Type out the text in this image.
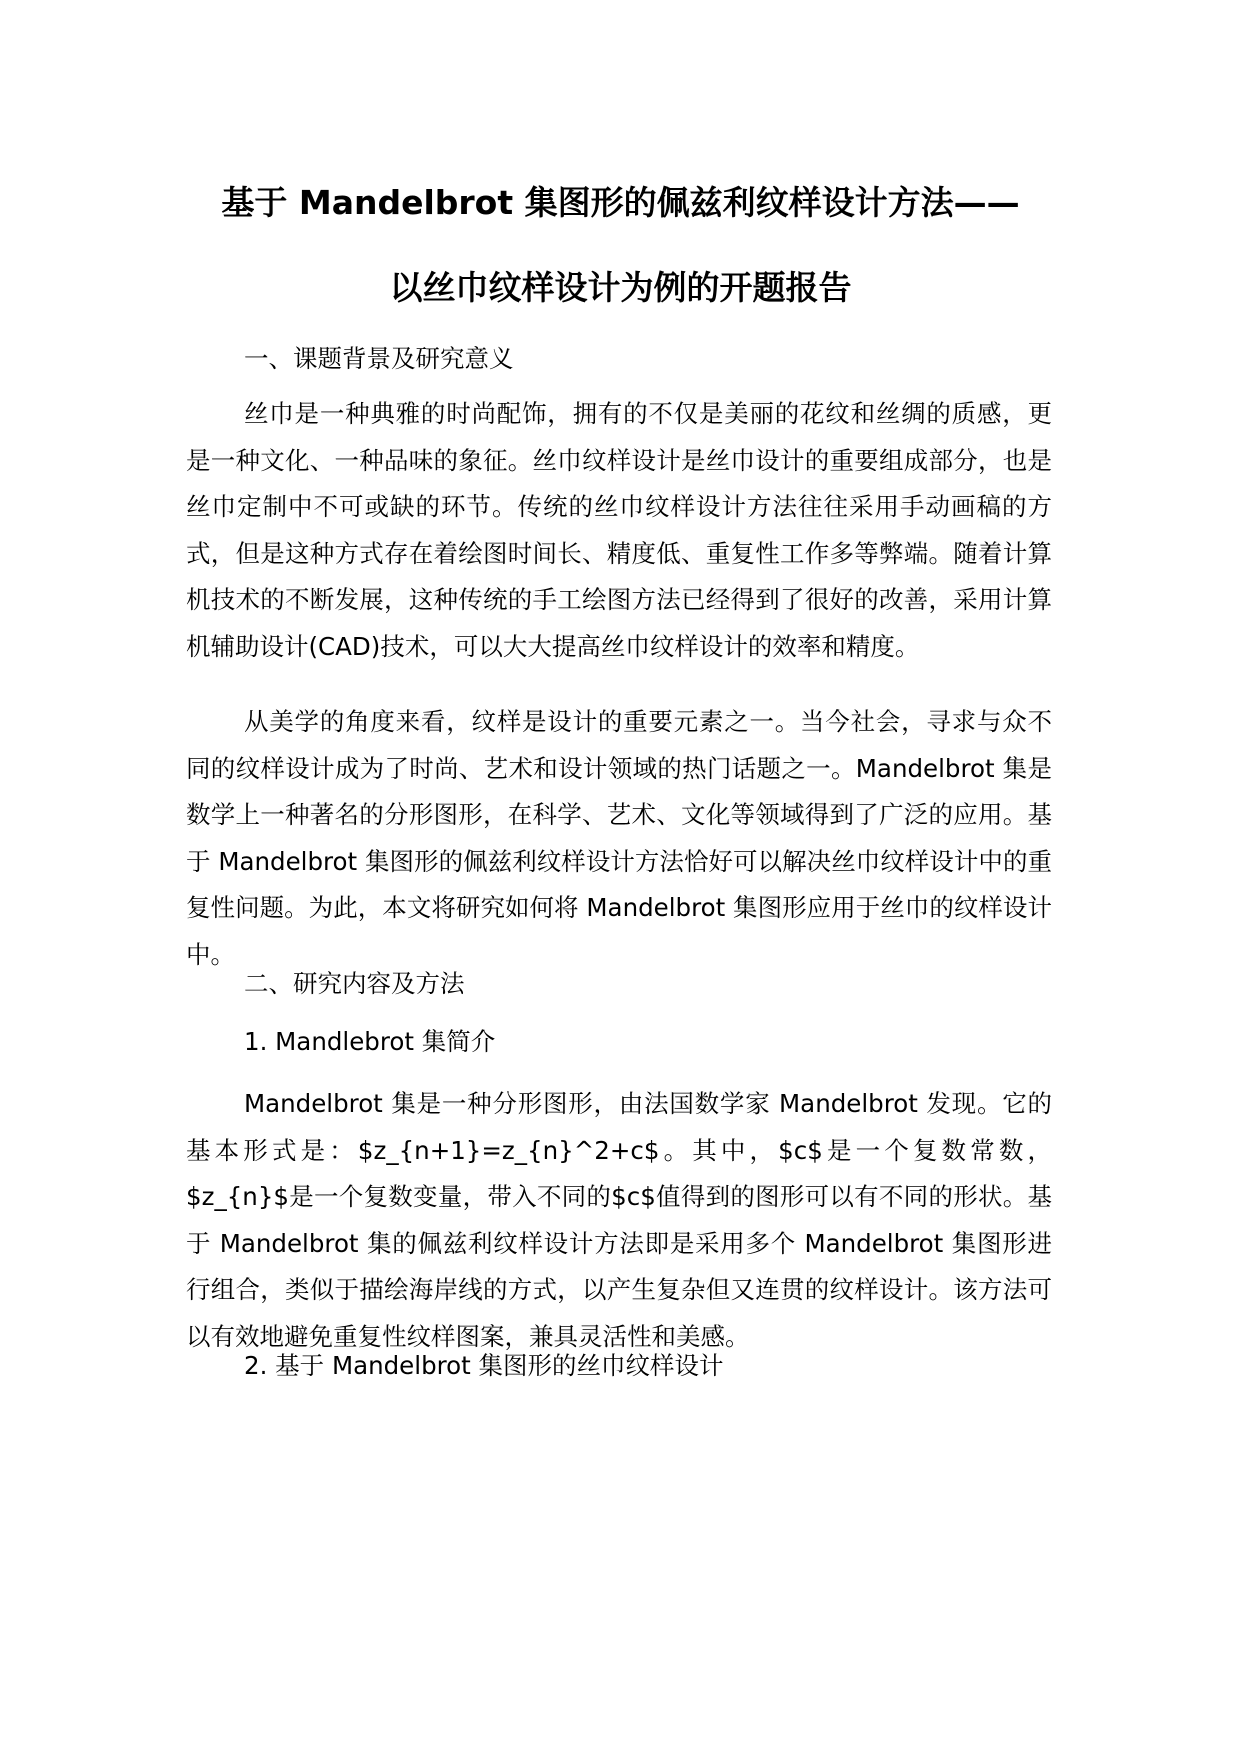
基于 Mandelbrot 集图形的佩兹利纹样设计方法——
以丝巾纹样设计为例的开题报告
一、课题背景及研究意义
丝巾是一种典雅的时尚配饰，拥有的不仅是美丽的花纹和丝绸的质感，更是一种文化、一种品味的象征。丝巾纹样设计是丝巾设计的重要组成部分，也是丝巾定制中不可或缺的环节。传统的丝巾纹样设计方法往往采用手动画稿的方式，但是这种方式存在着绘图时间长、精度低、重复性工作多等弊端。随着计算机技术的不断发展，这种传统的手工绘图方法已经得到了很好的改善，采用计算机辅助设计(CAD)技术，可以大大提高丝巾纹样设计的效率和精度。
从美学的角度来看，纹样是设计的重要元素之一。当今社会，寻求与众不同的纹样设计成为了时尚、艺术和设计领域的热门话题之一。Mandelbrot 集是数学上一种著名的分形图形，在科学、艺术、文化等领域得到了广泛的应用。基于 Mandelbrot 集图形的佩兹利纹样设计方法恰好可以解决丝巾纹样设计中的重复性问题。为此，本文将研究如何将 Mandelbrot 集图形应用于丝巾的纹样设计中。
二、研究内容及方法
1. Mandlebrot 集简介
Mandelbrot 集是一种分形图形，由法国数学家 Mandelbrot 发现。它的基本形式是：$z_{n+1}=z_{n}^2+c$。其中，$c$是一个复数常数，$z_{n}$是一个复数变量，带入不同的$c$值得到的图形可以有不同的形状。基于 Mandelbrot 集的佩兹利纹样设计方法即是采用多个 Mandelbrot 集图形进行组合，类似于描绘海岸线的方式，以产生复杂但又连贯的纹样设计。该方法可以有效地避免重复性纹样图案，兼具灵活性和美感。
2. 基于 Mandelbrot 集图形的丝巾纹样设计
